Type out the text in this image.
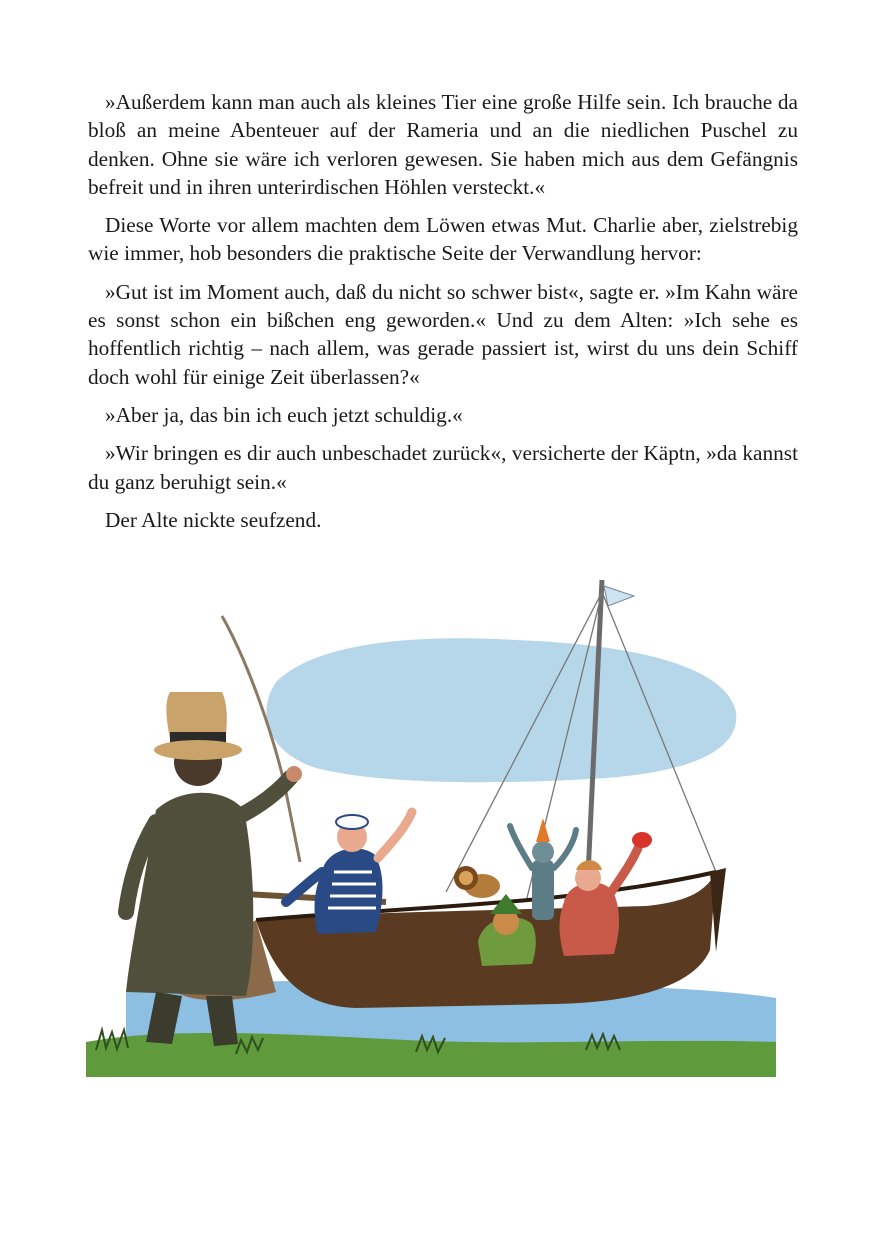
»Außerdem kann man auch als kleines Tier eine große Hilfe sein. Ich brauche da bloß an meine Abenteuer auf der Rameria und an die niedlichen Puschel zu denken. Ohne sie wäre ich verloren gewesen. Sie haben mich aus dem Gefängnis befreit und in ihren unterirdischen Höhlen versteckt.«

Diese Worte vor allem machten dem Löwen etwas Mut. Charlie aber, zielstrebig wie immer, hob besonders die praktische Seite der Verwandlung hervor:

»Gut ist im Moment auch, daß du nicht so schwer bist«, sagte er. »Im Kahn wäre es sonst schon ein bißchen eng geworden.« Und zu dem Alten: »Ich sehe es hoffentlich richtig – nach allem, was gerade passiert ist, wirst du uns dein Schiff doch wohl für einige Zeit überlassen?«

»Aber ja, das bin ich euch jetzt schuldig.«

»Wir bringen es dir auch unbeschadet zurück«, versicherte der Käptn, »da kannst du ganz beruhigt sein.«

Der Alte nickte seufzend.
